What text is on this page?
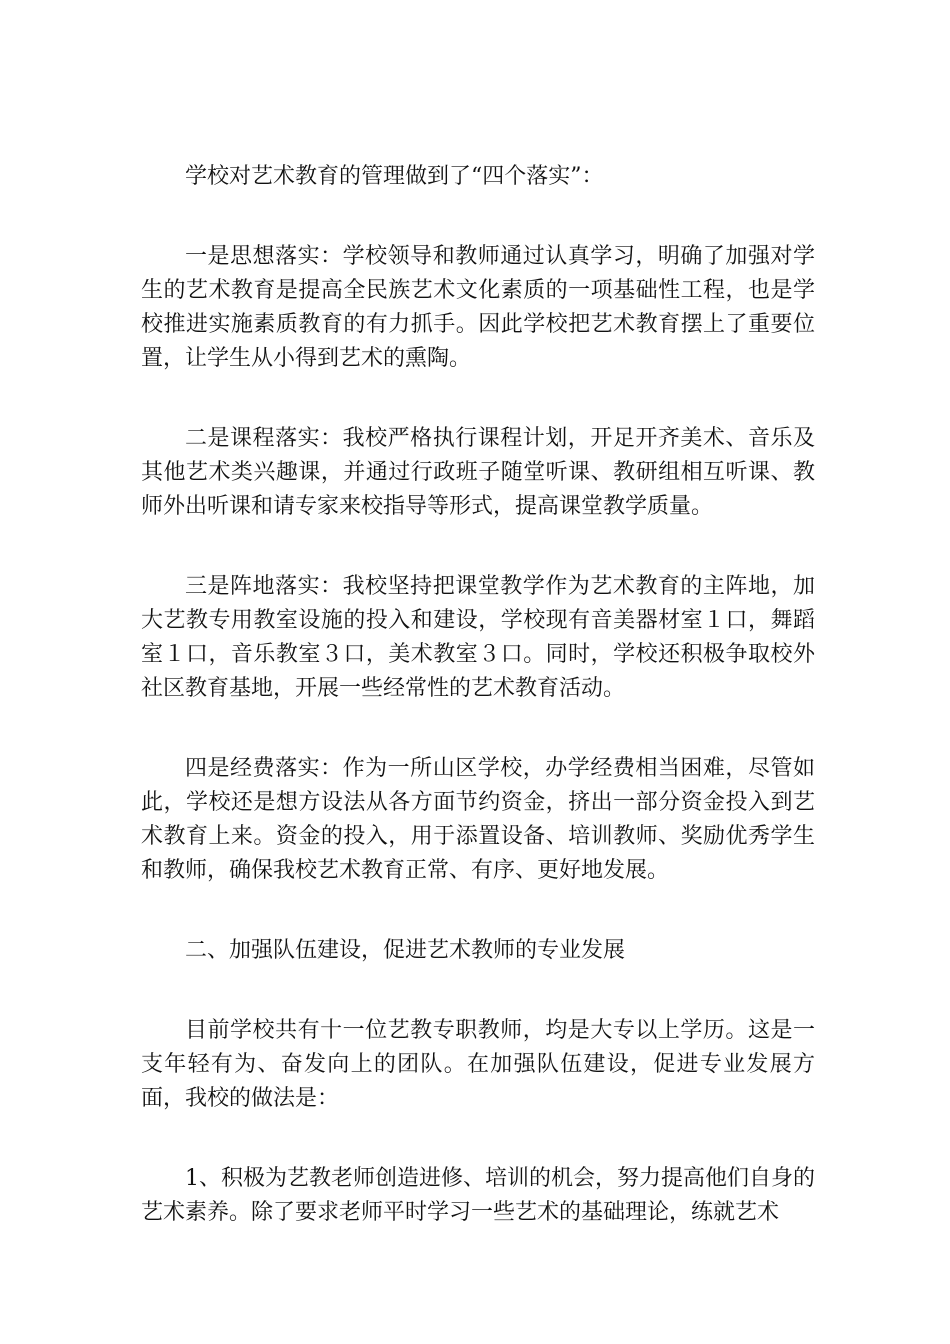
学校对艺术教育的管理做到了“四个落实”：

一是思想落实：学校领导和教师通过认真学习，明确了加强对学生的艺术教育是提高全民族艺术文化素质的一项基础性工程，也是学校推进实施素质教育的有力抓手。因此学校把艺术教育摆上了重要位置，让学生从小得到艺术的熏陶。

二是课程落实：我校严格执行课程计划，开足开齐美术、音乐及其他艺术类兴趣课，并通过行政班子随堂听课、教研组相互听课、教师外出听课和请专家来校指导等形式，提高课堂教学质量。

三是阵地落实：我校坚持把课堂教学作为艺术教育的主阵地，加大艺教专用教室设施的投入和建设，学校现有音美器材室１口，舞蹈室１口，音乐教室３口，美术教室３口。同时，学校还积极争取校外社区教育基地，开展一些经常性的艺术教育活动。

四是经费落实：作为一所山区学校，办学经费相当困难，尽管如此，学校还是想方设法从各方面节约资金，挤出一部分资金投入到艺术教育上来。资金的投入，用于添置设备、培训教师、奖励优秀学生和教师，确保我校艺术教育正常、有序、更好地发展。

二、加强队伍建设，促进艺术教师的专业发展

目前学校共有十一位艺教专职教师，均是大专以上学历。这是一支年轻有为、奋发向上的团队。在加强队伍建设，促进专业发展方面，我校的做法是：

1、积极为艺教老师创造进修、培训的机会，努力提高他们自身的艺术素养。除了要求老师平时学习一些艺术的基础理论，练就艺术
